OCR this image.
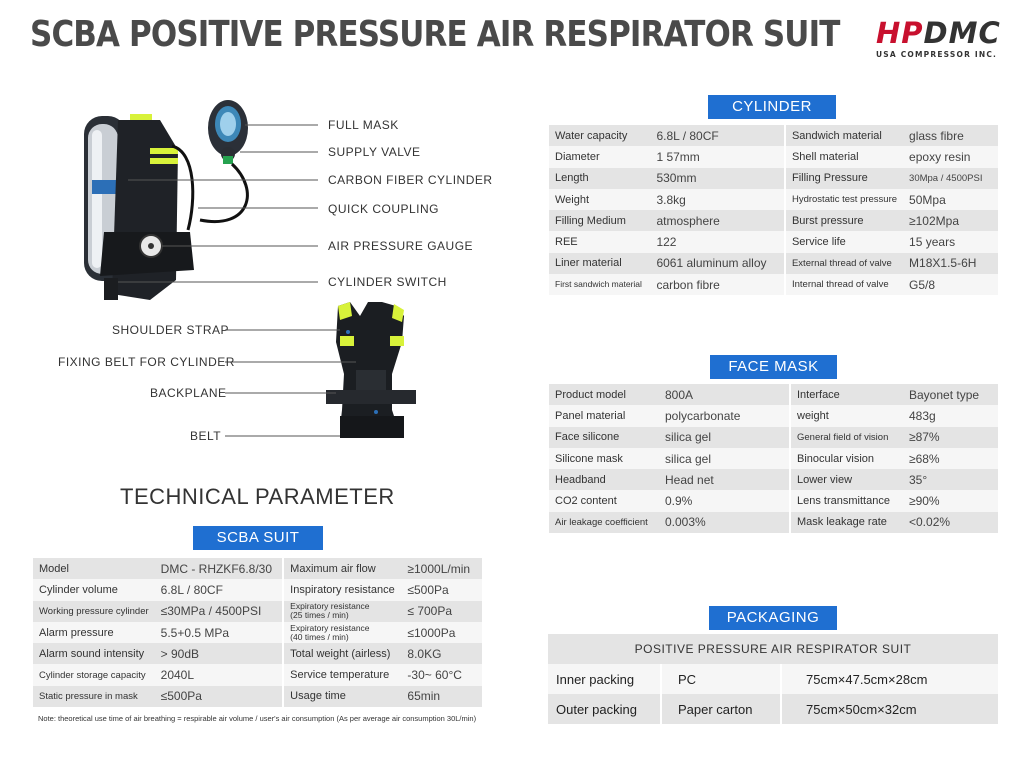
SCBA POSITIVE PRESSURE AIR RESPIRATOR SUIT HPDMC
USA COMPRESSOR INC.
FULL MASK
SUPPLY VALVE
CARBON FIBER CYLINDER
QUICK COUPLING
AIR PRESSURE GAUGE
CYLINDER SWITCH
SHOULDER STRAP
FIXING BELT FOR CYLINDER
BACKPLANE
BELT
TECHNICAL PARAMETER
SCBA SUIT
Model	DMC - RHZKF6.8/30	Maximum air flow	≥1000L/min
Cylinder volume	6.8L / 80CF	Inspiratory resistance	≤500Pa
Working pressure cylinder	≤30MPa / 4500PSI	Expiratory resistance
(25 times / min)	≤ 700Pa
Alarm pressure	5.5+0.5 MPa	Expiratory resistance
(40 times / min)	≤1000Pa
Alarm sound intensity	> 90dB	Total weight (airless)	8.0KG
Cylinder storage capacity	2040L	Service temperature	-30~ 60°C
Static pressure in mask	≤500Pa	Usage time	65min
Note: theoretical use time of air breathing = respirable air volume / user's air consumption (As per average air consumption 30L/min)
CYLINDER
Water capacity	6.8L / 80CF	Sandwich material	glass fibre
Diameter	1 57mm	Shell material	epoxy resin
Length	530mm	Filling Pressure	30Mpa / 4500PSI
Weight	3.8kg	Hydrostatic test pressure	50Mpa
Filling Medium	atmosphere	Burst pressure	≥102Mpa
REE	122	Service life	15 years
Liner material	6061 aluminum alloy	External thread of valve	M18X1.5-6H
First sandwich material	carbon fibre	Internal thread of valve	G5/8
FACE MASK
Product model	800A	Interface	Bayonet type
Panel material	polycarbonate	weight	483g
Face silicone	silica gel	General field of vision	≥87%
Silicone mask	silica gel	Binocular vision	≥68%
Headband	Head net	Lower view	35°
CO2 content	0.9%	Lens transmittance	≥90%
Air leakage coefficient	0.003%	Mask leakage rate	<0.02%
PACKAGING
POSITIVE PRESSURE AIR RESPIRATOR SUIT		
Inner packing	PC	75cm×47.5cm×28cm
Outer packing	Paper carton	75cm×50cm×32cm
